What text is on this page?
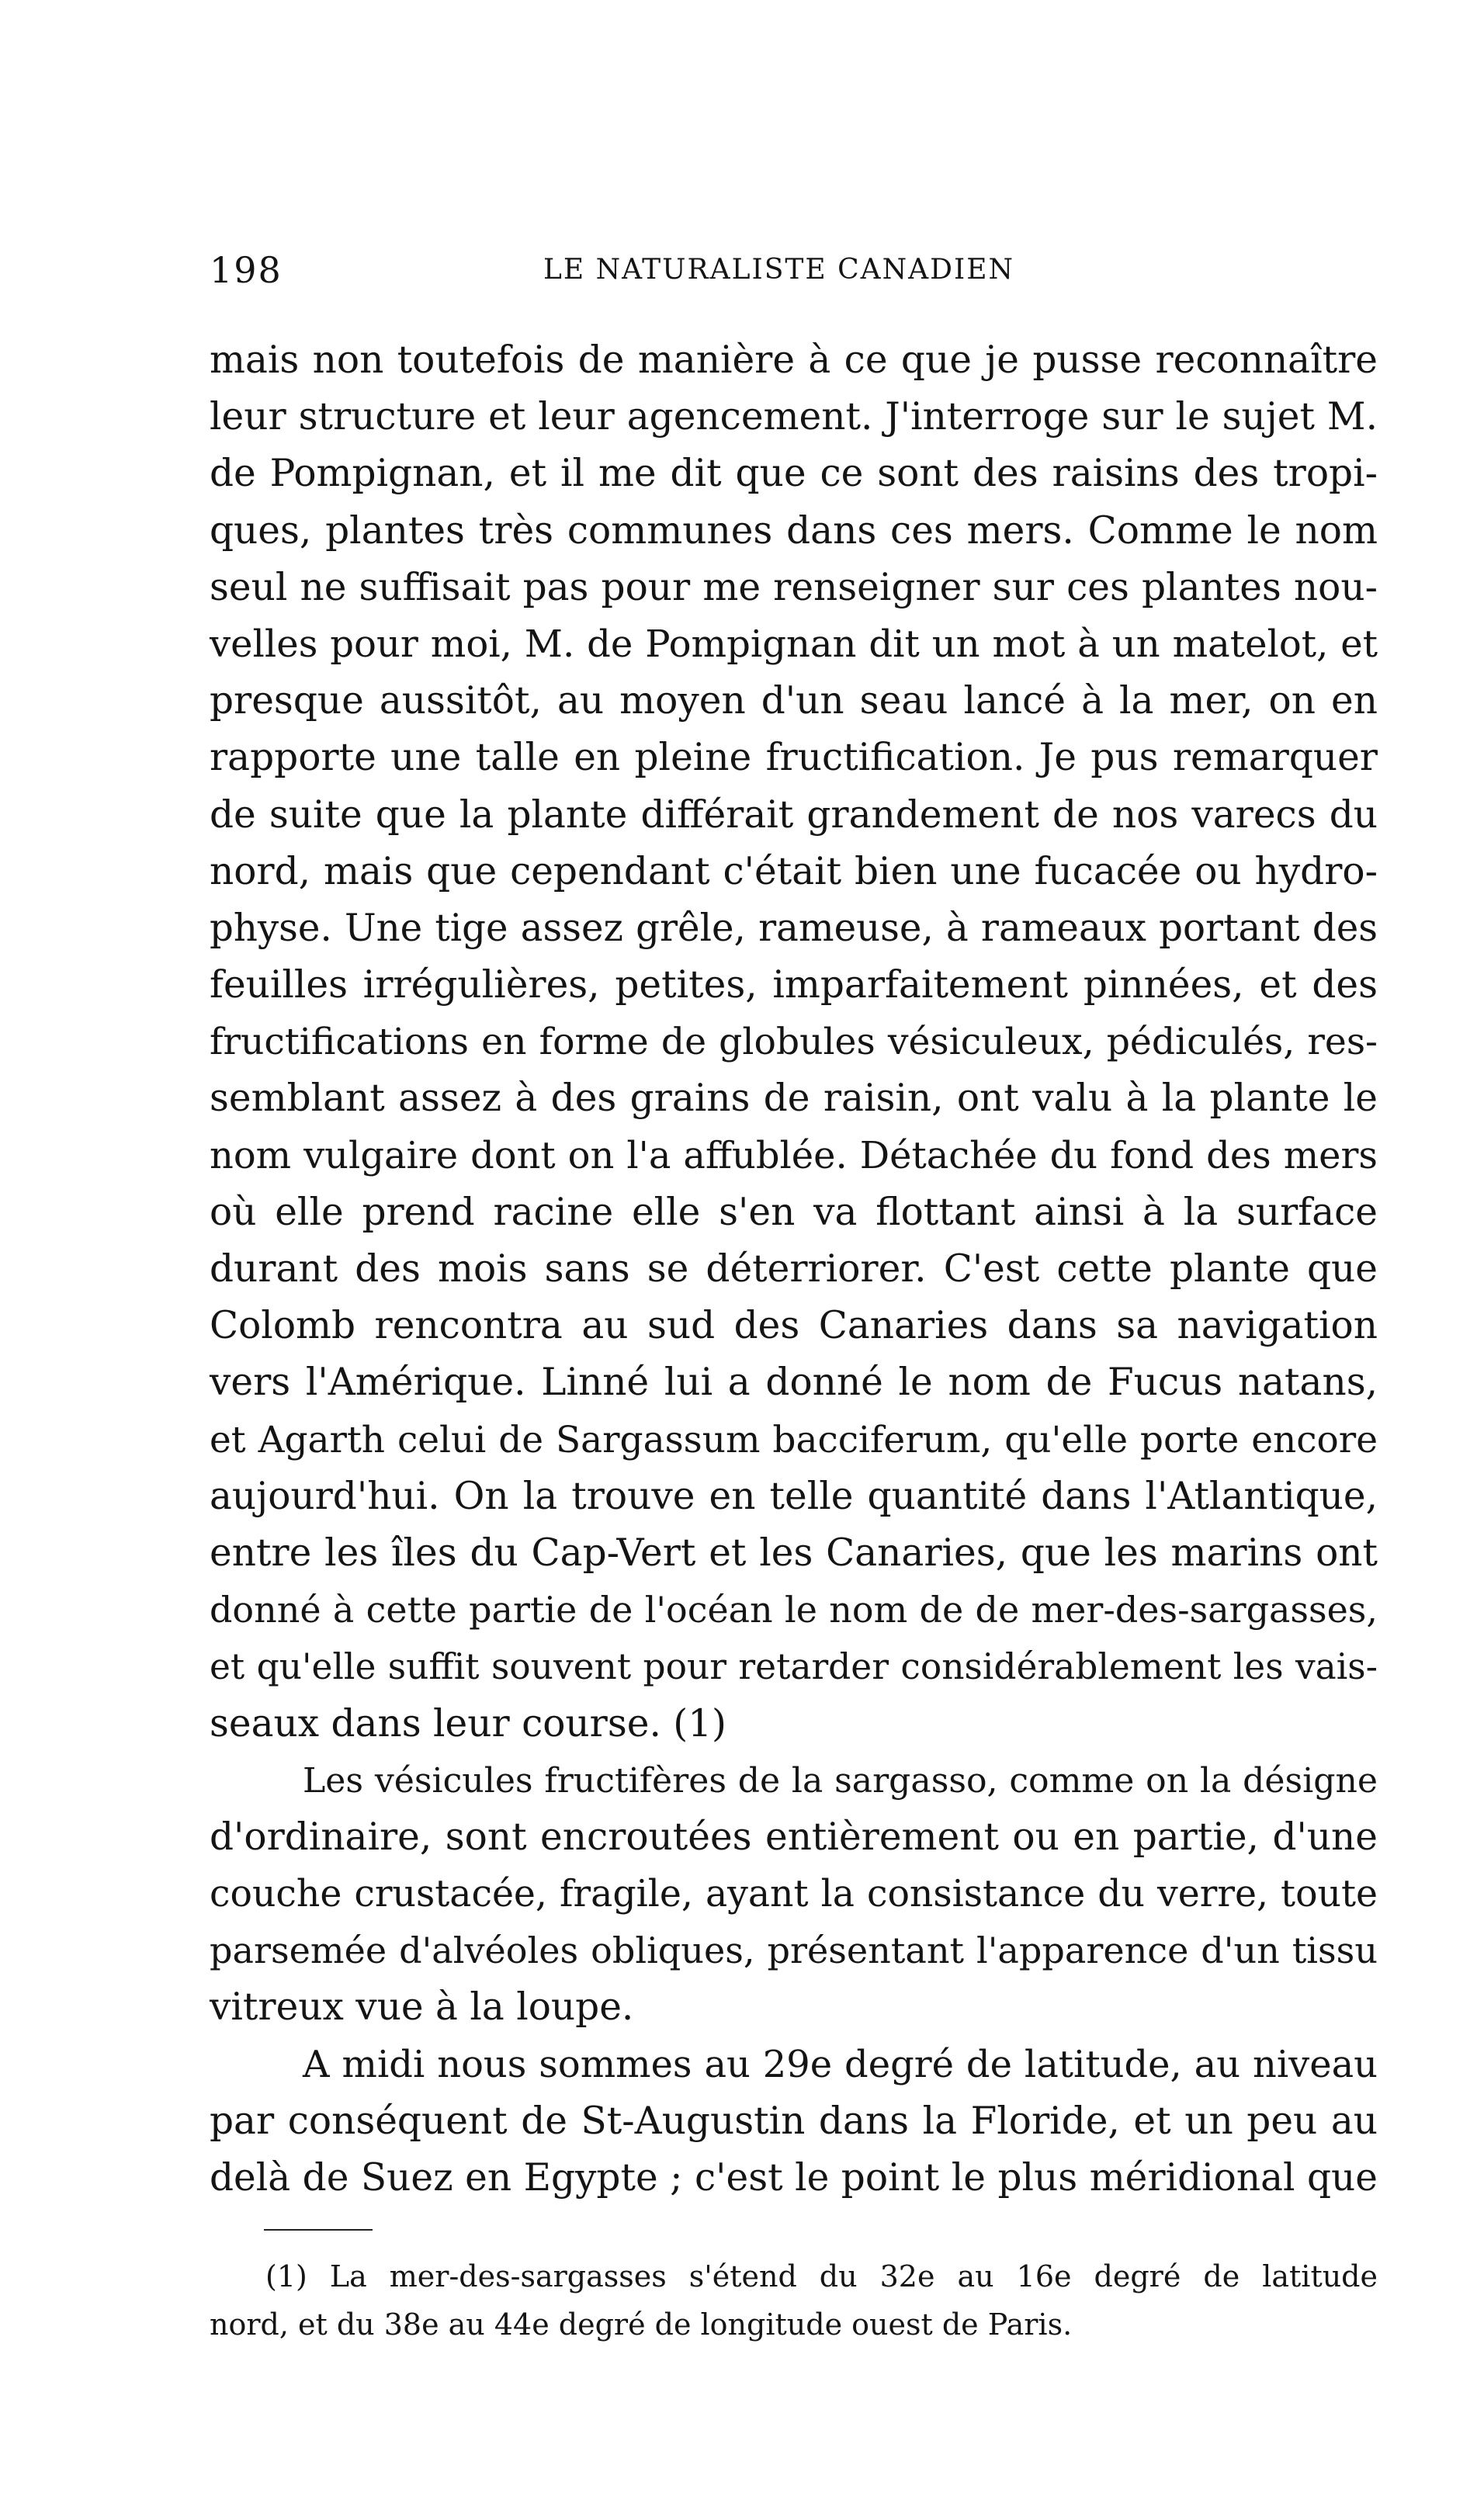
198	LE NATURALISTE CANADIEN
mais non toutefois de manière à ce que je pusse reconnaître
leur structure et leur agencement. J'interroge sur le sujet M.
de Pompignan, et il me dit que ce sont des raisins des tropi-
ques, plantes très communes dans ces mers. Comme le nom
seul ne suffisait pas pour me renseigner sur ces plantes nou-
velles pour moi, M. de Pompignan dit un mot à un matelot, et
presque aussitôt, au moyen d'un seau lancé à la mer, on en
rapporte une talle en pleine fructification. Je pus remarquer
de suite que la plante différait grandement de nos varecs du
nord, mais que cependant c'était bien une fucacée ou hydro-
physe. Une tige assez grêle, rameuse, à rameaux portant des
feuilles irrégulières, petites, imparfaitement pinnées, et des
fructifications en forme de globules vésiculeux, pédiculés, res-
semblant assez à des grains de raisin, ont valu à la plante le
nom vulgaire dont on l'a affublée. Détachée du fond des mers
où elle prend racine elle s'en va flottant ainsi à la surface
durant des mois sans se déterriorer. C'est cette plante que
Colomb rencontra au sud des Canaries dans sa navigation
vers l'Amérique. Linné lui a donné le nom de Fucus natans,
et Agarth celui de Sargassum bacciferum, qu'elle porte encore
aujourd'hui. On la trouve en telle quantité dans l'Atlantique,
entre les îles du Cap-Vert et les Canaries, que les marins ont
donné à cette partie de l'océan le nom de de mer-des-sargasses,
et qu'elle suffit souvent pour retarder considérablement les vais-
seaux dans leur course. (1)
Les vésicules fructifères de la sargasso, comme on la désigne
d'ordinaire, sont encroutées entièrement ou en partie, d'une
couche crustacée, fragile, ayant la consistance du verre, toute
parsemée d'alvéoles obliques, présentant l'apparence d'un tissu
vitreux vue à la loupe.
A midi nous sommes au 29e degré de latitude, au niveau
par conséquent de St-Augustin dans la Floride, et un peu au
delà de Suez en Egypte ; c'est le point le plus méridional que
(1) La mer-des-sargasses s'étend du 32e au 16e degré de latitude
nord, et du 38e au 44e degré de longitude ouest de Paris.
